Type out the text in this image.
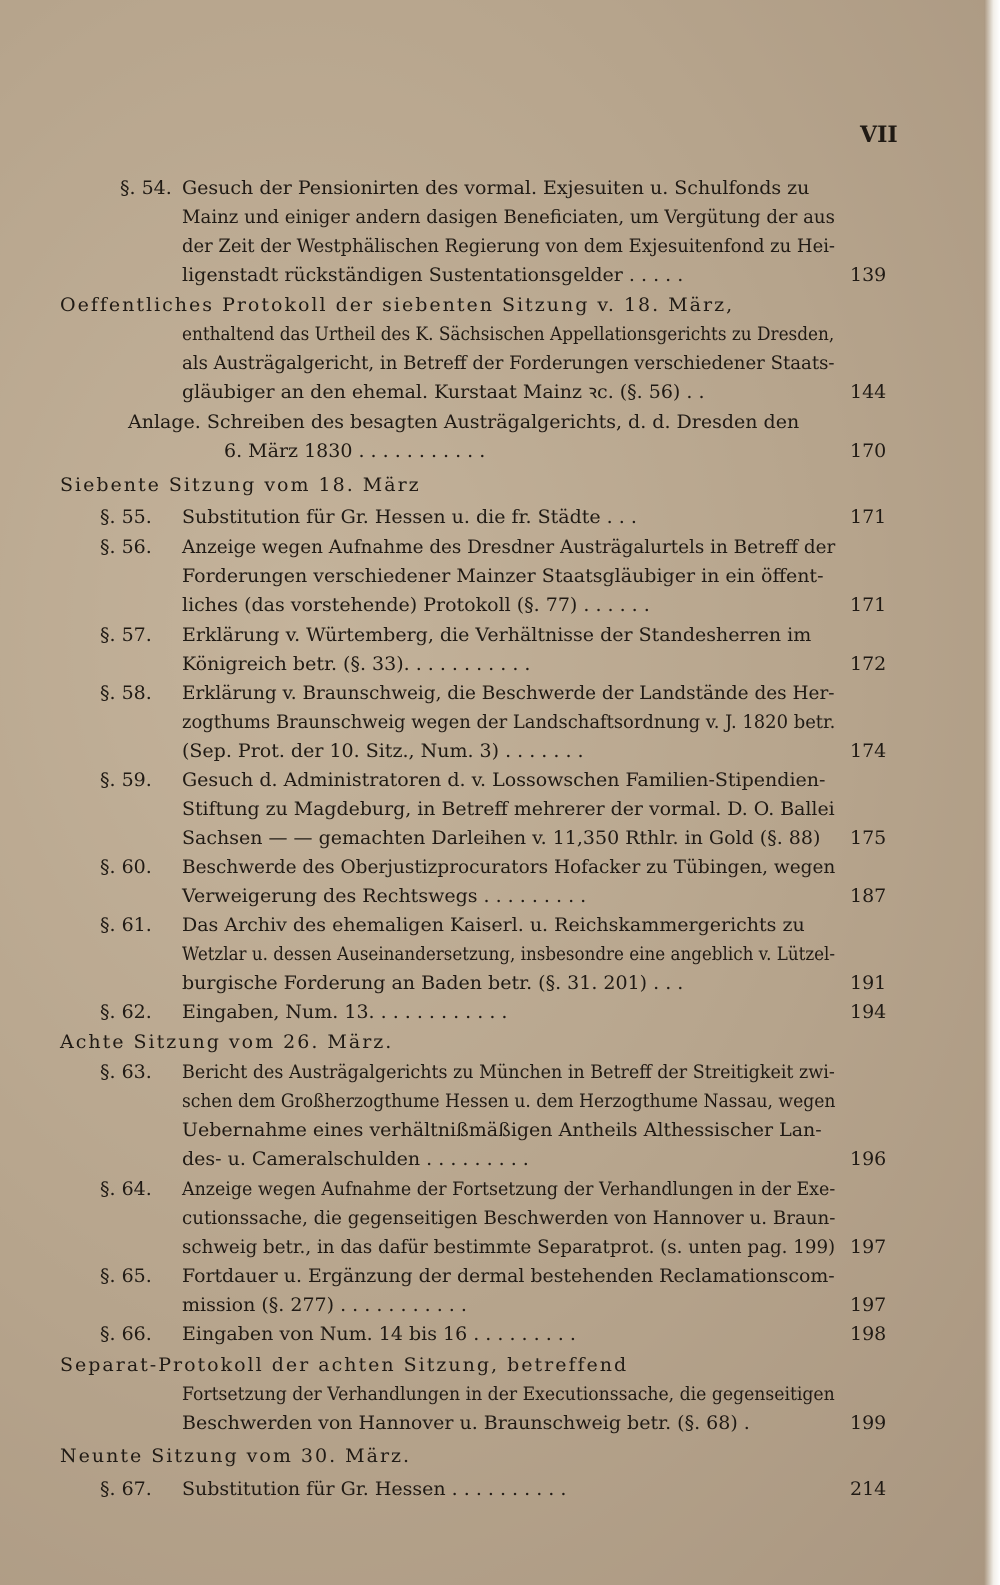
VII
§. 54. Gesuch der Pensionirten des vormal. Exjesuiten u. Schulfonds zu
Mainz und einiger andern dasigen Beneficiaten, um Vergütung der aus
der Zeit der Westphälischen Regierung von dem Exjesuitenfond zu Hei-
ligenstadt rückständigen Sustentationsgelder . . . . .	139
Oeffentliches Protokoll der siebenten Sitzung v. 18. März,
enthaltend das Urtheil des K. Sächsischen Appellationsgerichts zu Dresden,
als Austrägalgericht, in Betreff der Forderungen verschiedener Staats-
gläubiger an den ehemal. Kurstaat Mainz ꝛc. (§. 56) . .	144
Anlage. Schreiben des besagten Austrägalgerichts, d. d. Dresden den
6. März 1830 . . . . . . . . . . .	170
Siebente Sitzung vom 18. März
§. 55. Substitution für Gr. Hessen u. die fr. Städte . . .	171
§. 56. Anzeige wegen Aufnahme des Dresdner Austrägalurtels in Betreff der
Forderungen verschiedener Mainzer Staatsgläubiger in ein öffent-
liches (das vorstehende) Protokoll (§. 77) . . . . . .	171
§. 57. Erklärung v. Würtemberg, die Verhältnisse der Standesherren im
Königreich betr. (§. 33). . . . . . . . . . .	172
§. 58. Erklärung v. Braunschweig, die Beschwerde der Landstände des Her-
zogthums Braunschweig wegen der Landschaftsordnung v. J. 1820 betr.
(Sep. Prot. der 10. Sitz., Num. 3) . . . . . . .	174
§. 59. Gesuch d. Administratoren d. v. Lossowschen Familien-Stipendien-
Stiftung zu Magdeburg, in Betreff mehrerer der vormal. D. O. Ballei
Sachsen — — gemachten Darleihen v. 11,350 Rthlr. in Gold (§. 88) 175
§. 60. Beschwerde des Oberjustizprocurators Hofacker zu Tübingen, wegen
Verweigerung des Rechtswegs . . . . . . . . .	187
§. 61. Das Archiv des ehemaligen Kaiserl. u. Reichskammergerichts zu
Wetzlar u. dessen Auseinandersetzung, insbesondre eine angeblich v. Lützel-
burgische Forderung an Baden betr. (§. 31. 201) . . .	191
§. 62. Eingaben, Num. 13. . . . . . . . . . . .	194
Achte Sitzung vom 26. März.
§. 63. Bericht des Austrägalgerichts zu München in Betreff der Streitigkeit zwi-
schen dem Großherzogthume Hessen u. dem Herzogthume Nassau, wegen
Uebernahme eines verhältnißmäßigen Antheils Althessischer Lan-
des- u. Cameralschulden . . . . . . . . .	196
§. 64. Anzeige wegen Aufnahme der Fortsetzung der Verhandlungen in der Exe-
cutionssache, die gegenseitigen Beschwerden von Hannover u. Braun-
schweig betr., in das dafür bestimmte Separatprot. (s. unten pag. 199) 197
§. 65. Fortdauer u. Ergänzung der dermal bestehenden Reclamationscom-
mission (§. 277) . . . . . . . . . . .	197
§. 66. Eingaben von Num. 14 bis 16 . . . . . . . . .	198
Separat-Protokoll der achten Sitzung, betreffend
Fortsetzung der Verhandlungen in der Executionssache, die gegenseitigen
Beschwerden von Hannover u. Braunschweig betr. (§. 68) .	199
Neunte Sitzung vom 30. März.
§. 67. Substitution für Gr. Hessen . . . . . . . . . .	214
